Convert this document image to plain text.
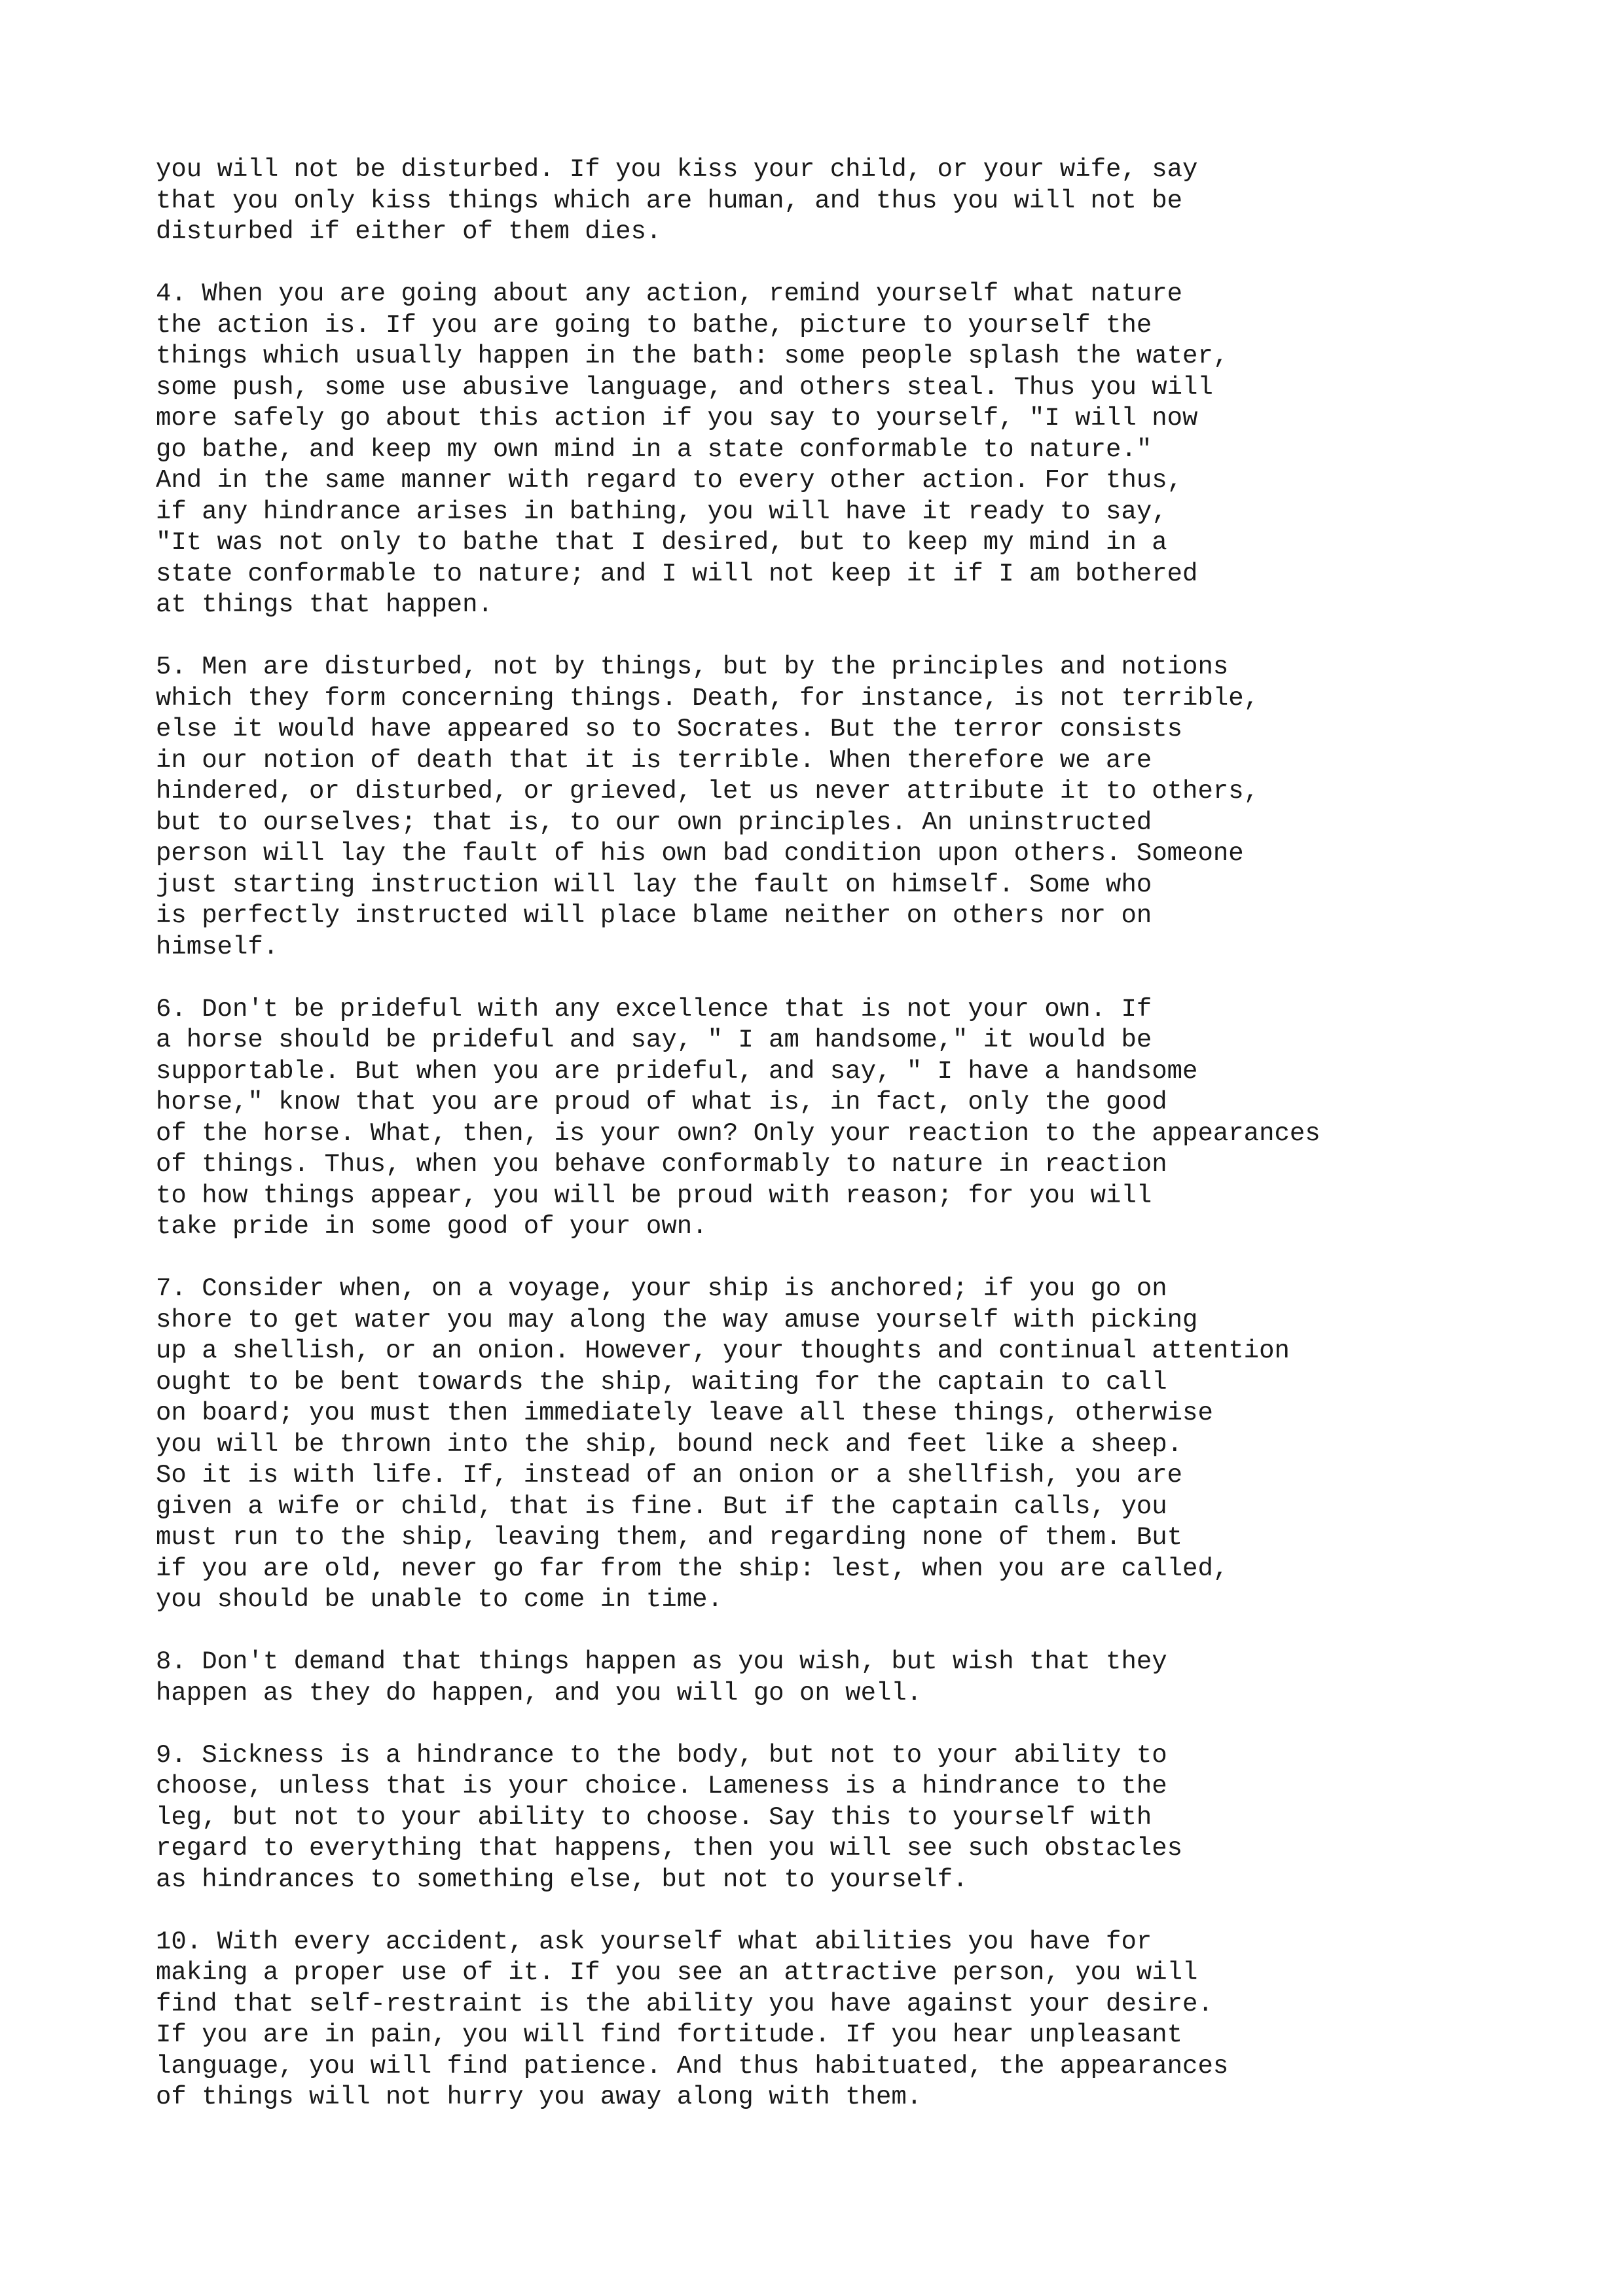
you will not be disturbed. If you kiss your child, or your wife, say
that you only kiss things which are human, and thus you will not be
disturbed if either of them dies.
4. When you are going about any action, remind yourself what nature
the action is. If you are going to bathe, picture to yourself the
things which usually happen in the bath: some people splash the water,
some push, some use abusive language, and others steal. Thus you will
more safely go about this action if you say to yourself, "I will now
go bathe, and keep my own mind in a state conformable to nature."
And in the same manner with regard to every other action. For thus,
if any hindrance arises in bathing, you will have it ready to say,
"It was not only to bathe that I desired, but to keep my mind in a
state conformable to nature; and I will not keep it if I am bothered
at things that happen.
5. Men are disturbed, not by things, but by the principles and notions
which they form concerning things. Death, for instance, is not terrible,
else it would have appeared so to Socrates. But the terror consists
in our notion of death that it is terrible. When therefore we are
hindered, or disturbed, or grieved, let us never attribute it to others,
but to ourselves; that is, to our own principles. An uninstructed
person will lay the fault of his own bad condition upon others. Someone
just starting instruction will lay the fault on himself. Some who
is perfectly instructed will place blame neither on others nor on
himself.
6. Don't be prideful with any excellence that is not your own. If
a horse should be prideful and say, " I am handsome," it would be
supportable. But when you are prideful, and say, " I have a handsome
horse," know that you are proud of what is, in fact, only the good
of the horse. What, then, is your own? Only your reaction to the appearances
of things. Thus, when you behave conformably to nature in reaction
to how things appear, you will be proud with reason; for you will
take pride in some good of your own.
7. Consider when, on a voyage, your ship is anchored; if you go on
shore to get water you may along the way amuse yourself with picking
up a shellish, or an onion. However, your thoughts and continual attention
ought to be bent towards the ship, waiting for the captain to call
on board; you must then immediately leave all these things, otherwise
you will be thrown into the ship, bound neck and feet like a sheep.
So it is with life. If, instead of an onion or a shellfish, you are
given a wife or child, that is fine. But if the captain calls, you
must run to the ship, leaving them, and regarding none of them. But
if you are old, never go far from the ship: lest, when you are called,
you should be unable to come in time.
8. Don't demand that things happen as you wish, but wish that they
happen as they do happen, and you will go on well.
9. Sickness is a hindrance to the body, but not to your ability to
choose, unless that is your choice. Lameness is a hindrance to the
leg, but not to your ability to choose. Say this to yourself with
regard to everything that happens, then you will see such obstacles
as hindrances to something else, but not to yourself.
10. With every accident, ask yourself what abilities you have for
making a proper use of it. If you see an attractive person, you will
find that self-restraint is the ability you have against your desire.
If you are in pain, you will find fortitude. If you hear unpleasant
language, you will find patience. And thus habituated, the appearances
of things will not hurry you away along with them.
